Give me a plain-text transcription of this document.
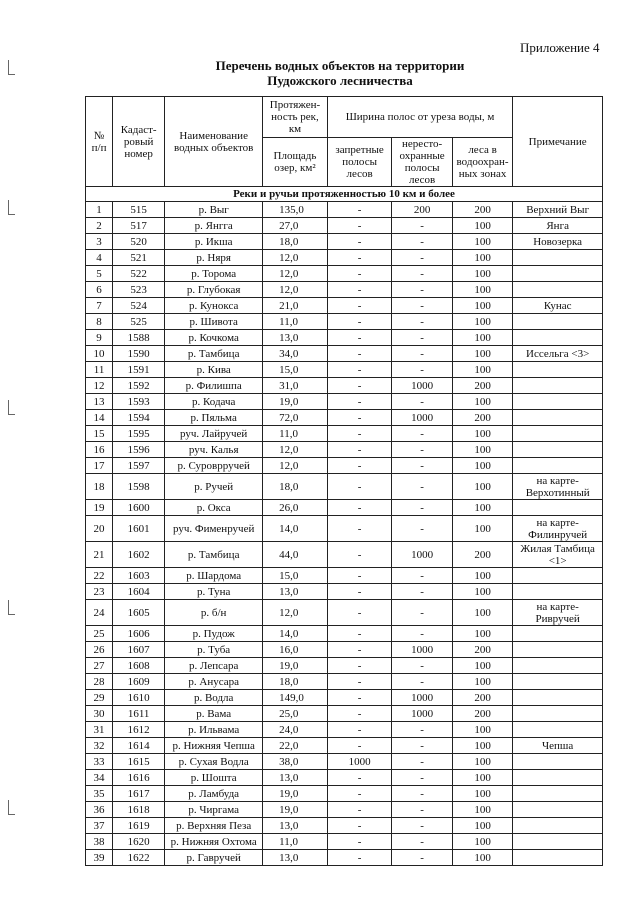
Приложение 4
Перечень водных объектов на территории
Пудожского лесничества
№ п/п	Кадаст-ровый номер	Наименование водных объектов	Протяжен-ность рек, км	Ширина полос от уреза воды, м			Примечание
			Площадь озер, км²	запретные полосы лесов	нересто-охранные полосы лесов	леса в водоохран-ных зонах	

Реки и ручьи протяженностью 10 км и более							
1	515	р. Выг	135,0	-	200	200	Верхний Выг
2	517	р. Янгга	27,0	-	-	100	Янга
3	520	р. Икша	18,0	-	-	100	Новозерка
4	521	р. Няря	12,0	-	-	100	
5	522	р. Торома	12,0	-	-	100	
6	523	р. Глубокая	12,0	-	-	100	
7	524	р. Кунокса	21,0	-	-	100	Кунас
8	525	р. Шивота	11,0	-	-	100	
9	1588	р. Кочкома	13,0	-	-	100	
10	1590	р. Тамбица	34,0	-	-	100	Иссельга <3>
11	1591	р. Кива	15,0	-	-	100	
12	1592	р. Филишпа	31,0	-	1000	200	
13	1593	р. Кодача	19,0	-	-	100	
14	1594	р. Пяльма	72,0	-	1000	200	
15	1595	руч. Лайручей	11,0	-	-	100	
16	1596	руч. Калья	12,0	-	-	100	
17	1597	р. Суроврручей	12,0	-	-	100	
18	1598	р. Ручей	18,0	-	-	100	на карте-Верхотинный
19	1600	р. Окса	26,0	-	-	100	
20	1601	руч. Фименручей	14,0	-	-	100	на карте-Филинручей
21	1602	р. Тамбица	44,0	-	1000	200	Жилая Тамбица <1>
22	1603	р. Шардома	15,0	-	-	100	
23	1604	р. Туна	13,0	-	-	100	
24	1605	р. б/н	12,0	-	-	100	на карте-Ривручей
25	1606	р. Пудож	14,0	-	-	100	
26	1607	р. Туба	16,0	-	1000	200	
27	1608	р. Лепсара	19,0	-	-	100	
28	1609	р. Анусара	18,0	-	-	100	
29	1610	р. Водла	149,0	-	1000	200	
30	1611	р. Вама	25,0	-	1000	200	
31	1612	р. Ильвама	24,0	-	-	100	
32	1614	р. Нижняя Чепша	22,0	-	-	100	Чепша
33	1615	р. Сухая Водла	38,0	1000	-	100	
34	1616	р. Шошта	13,0	-	-	100	
35	1617	р. Ламбуда	19,0	-	-	100	
36	1618	р. Чиргама	19,0	-	-	100	
37	1619	р. Верхняя Пеза	13,0	-	-	100	
38	1620	р. Нижняя Охтома	11,0	-	-	100	
39	1622	р. Гавручей	13,0	-	-	100	
